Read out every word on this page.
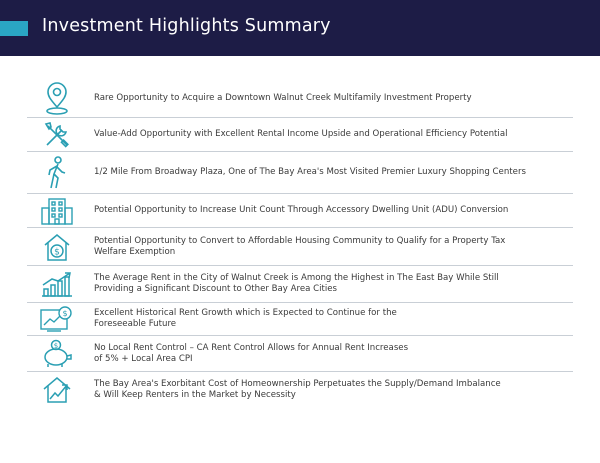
Investment Highlights Summary
Rare Opportunity to Acquire a Downtown Walnut Creek Multifamily Investment Property
Value-Add Opportunity with Excellent Rental Income Upside and Operational Efficiency Potential
1/2 Mile From Broadway Plaza, One of The Bay Area's Most Visited Premier Luxury Shopping Centers
Potential Opportunity to Increase Unit Count Through Accessory Dwelling Unit (ADU) Conversion
$
Potential Opportunity to Convert to Affordable Housing Community to Qualify for a Property Tax
Welfare Exemption
The Average Rent in the City of Walnut Creek is Among the Highest in The East Bay While Still
Providing a Significant Discount to Other Bay Area Cities
$	Excellent Historical Rent Growth which is Expected to Continue for the
Foreseeable Future
$	No Local Rent Control – CA Rent Control Allows for Annual Rent Increases
of 5% + Local Area CPI
The Bay Area's Exorbitant Cost of Homeownership Perpetuates the Supply/Demand Imbalance
& Will Keep Renters in the Market by Necessity
